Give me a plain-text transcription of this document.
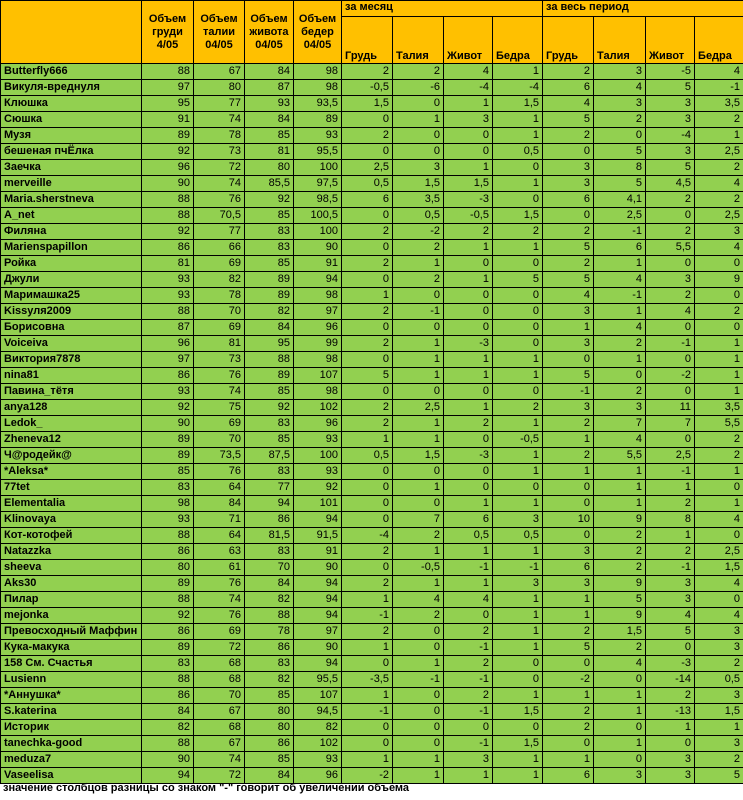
	Объем груди 4/05	Объем талии 04/05	Объем живота 04/05	Объем бедер 04/05	за месяц				за весь период			
					Грудь	Талия	Живот	Бедра	Грудь	Талия	Живот	Бедра
Butterfly666	88	67	84	98	2	2	4	1	2	3	-5	4
Викуля-вреднуля	97	80	87	98	-0,5	-6	-4	-4	6	4	5	-1
Клюшка	95	77	93	93,5	1,5	0	1	1,5	4	3	3	3,5
Сюшка	91	74	84	89	0	1	3	1	5	2	3	2
Музя	89	78	85	93	2	0	0	1	2	0	-4	1
бешеная пчЁлка	92	73	81	95,5	0	0	0	0,5	0	5	3	2,5
Заечка	96	72	80	100	2,5	3	1	0	3	8	5	2
merveille	90	74	85,5	97,5	0,5	1,5	1,5	1	3	5	4,5	4
Maria.sherstneva	88	76	92	98,5	6	3,5	-3	0	6	4,1	2	2
A_net	88	70,5	85	100,5	0	0,5	-0,5	1,5	0	2,5	0	2,5
Филяна	92	77	83	100	2	-2	2	2	2	-1	2	3
Marienspapillon	86	66	83	90	0	2	1	1	5	6	5,5	4
Ройка	81	69	85	91	2	1	0	0	2	1	0	0
Джули	93	82	89	94	0	2	1	5	5	4	3	9
Маримашка25	93	78	89	98	1	0	0	0	4	-1	2	0
Kissуля2009	88	70	82	97	2	-1	0	0	3	1	4	2
Борисовна	87	69	84	96	0	0	0	0	1	4	0	0
Voiceiva	96	81	95	99	2	1	-3	0	3	2	-1	1
Виктория7878	97	73	88	98	0	1	1	1	0	1	0	1
nina81	86	76	89	107	5	1	1	1	5	0	-2	1
Павина_тётя	93	74	85	98	0	0	0	0	-1	2	0	1
anya128	92	75	92	102	2	2,5	1	2	3	3	11	3,5
Ledok_	90	69	83	96	2	1	2	1	2	7	7	5,5
Zheneva12	89	70	85	93	1	1	0	-0,5	1	4	0	2
Ч@родейк@	89	73,5	87,5	100	0,5	1,5	-3	1	2	5,5	2,5	2
*Aleksa*	85	76	83	93	0	0	0	1	1	1	-1	1
77tet	83	64	77	92	0	1	0	0	0	1	1	0
Elementalia	98	84	94	101	0	0	1	1	0	1	2	1
Klinovaya	93	71	86	94	0	7	6	3	10	9	8	4
Кот-котофей	88	64	81,5	91,5	-4	2	0,5	0,5	0	2	1	0
Natazzka	86	63	83	91	2	1	1	1	3	2	2	2,5
sheeva	80	61	70	90	0	-0,5	-1	-1	6	2	-1	1,5
Aks30	89	76	84	94	2	1	1	3	3	9	3	4
Пилар	88	74	82	94	1	4	4	1	1	5	3	0
mejonka	92	76	88	94	-1	2	0	1	1	9	4	4
Превосходный Маффин	86	69	78	97	2	0	2	1	2	1,5	5	3
Кука-макука	89	72	86	90	1	0	-1	1	5	2	0	3
158 См. Счастья	83	68	83	94	0	1	2	0	0	4	-3	2
Lusienn	88	68	82	95,5	-3,5	-1	-1	0	-2	0	-14	0,5
*Аннушка*	86	70	85	107	1	0	2	1	1	1	2	3
S.katerina	84	67	80	94,5	-1	0	-1	1,5	2	1	-13	1,5
Историк	82	68	80	82	0	0	0	0	2	0	1	1
tanechka-good	88	67	86	102	0	0	-1	1,5	0	1	0	3
meduza7	90	74	85	93	1	1	3	1	1	0	3	2
Vaseelisa	94	72	84	96	-2	1	1	1	6	3	3	5
значение столбцов разницы со знаком "-" говорит об увеличении объема
